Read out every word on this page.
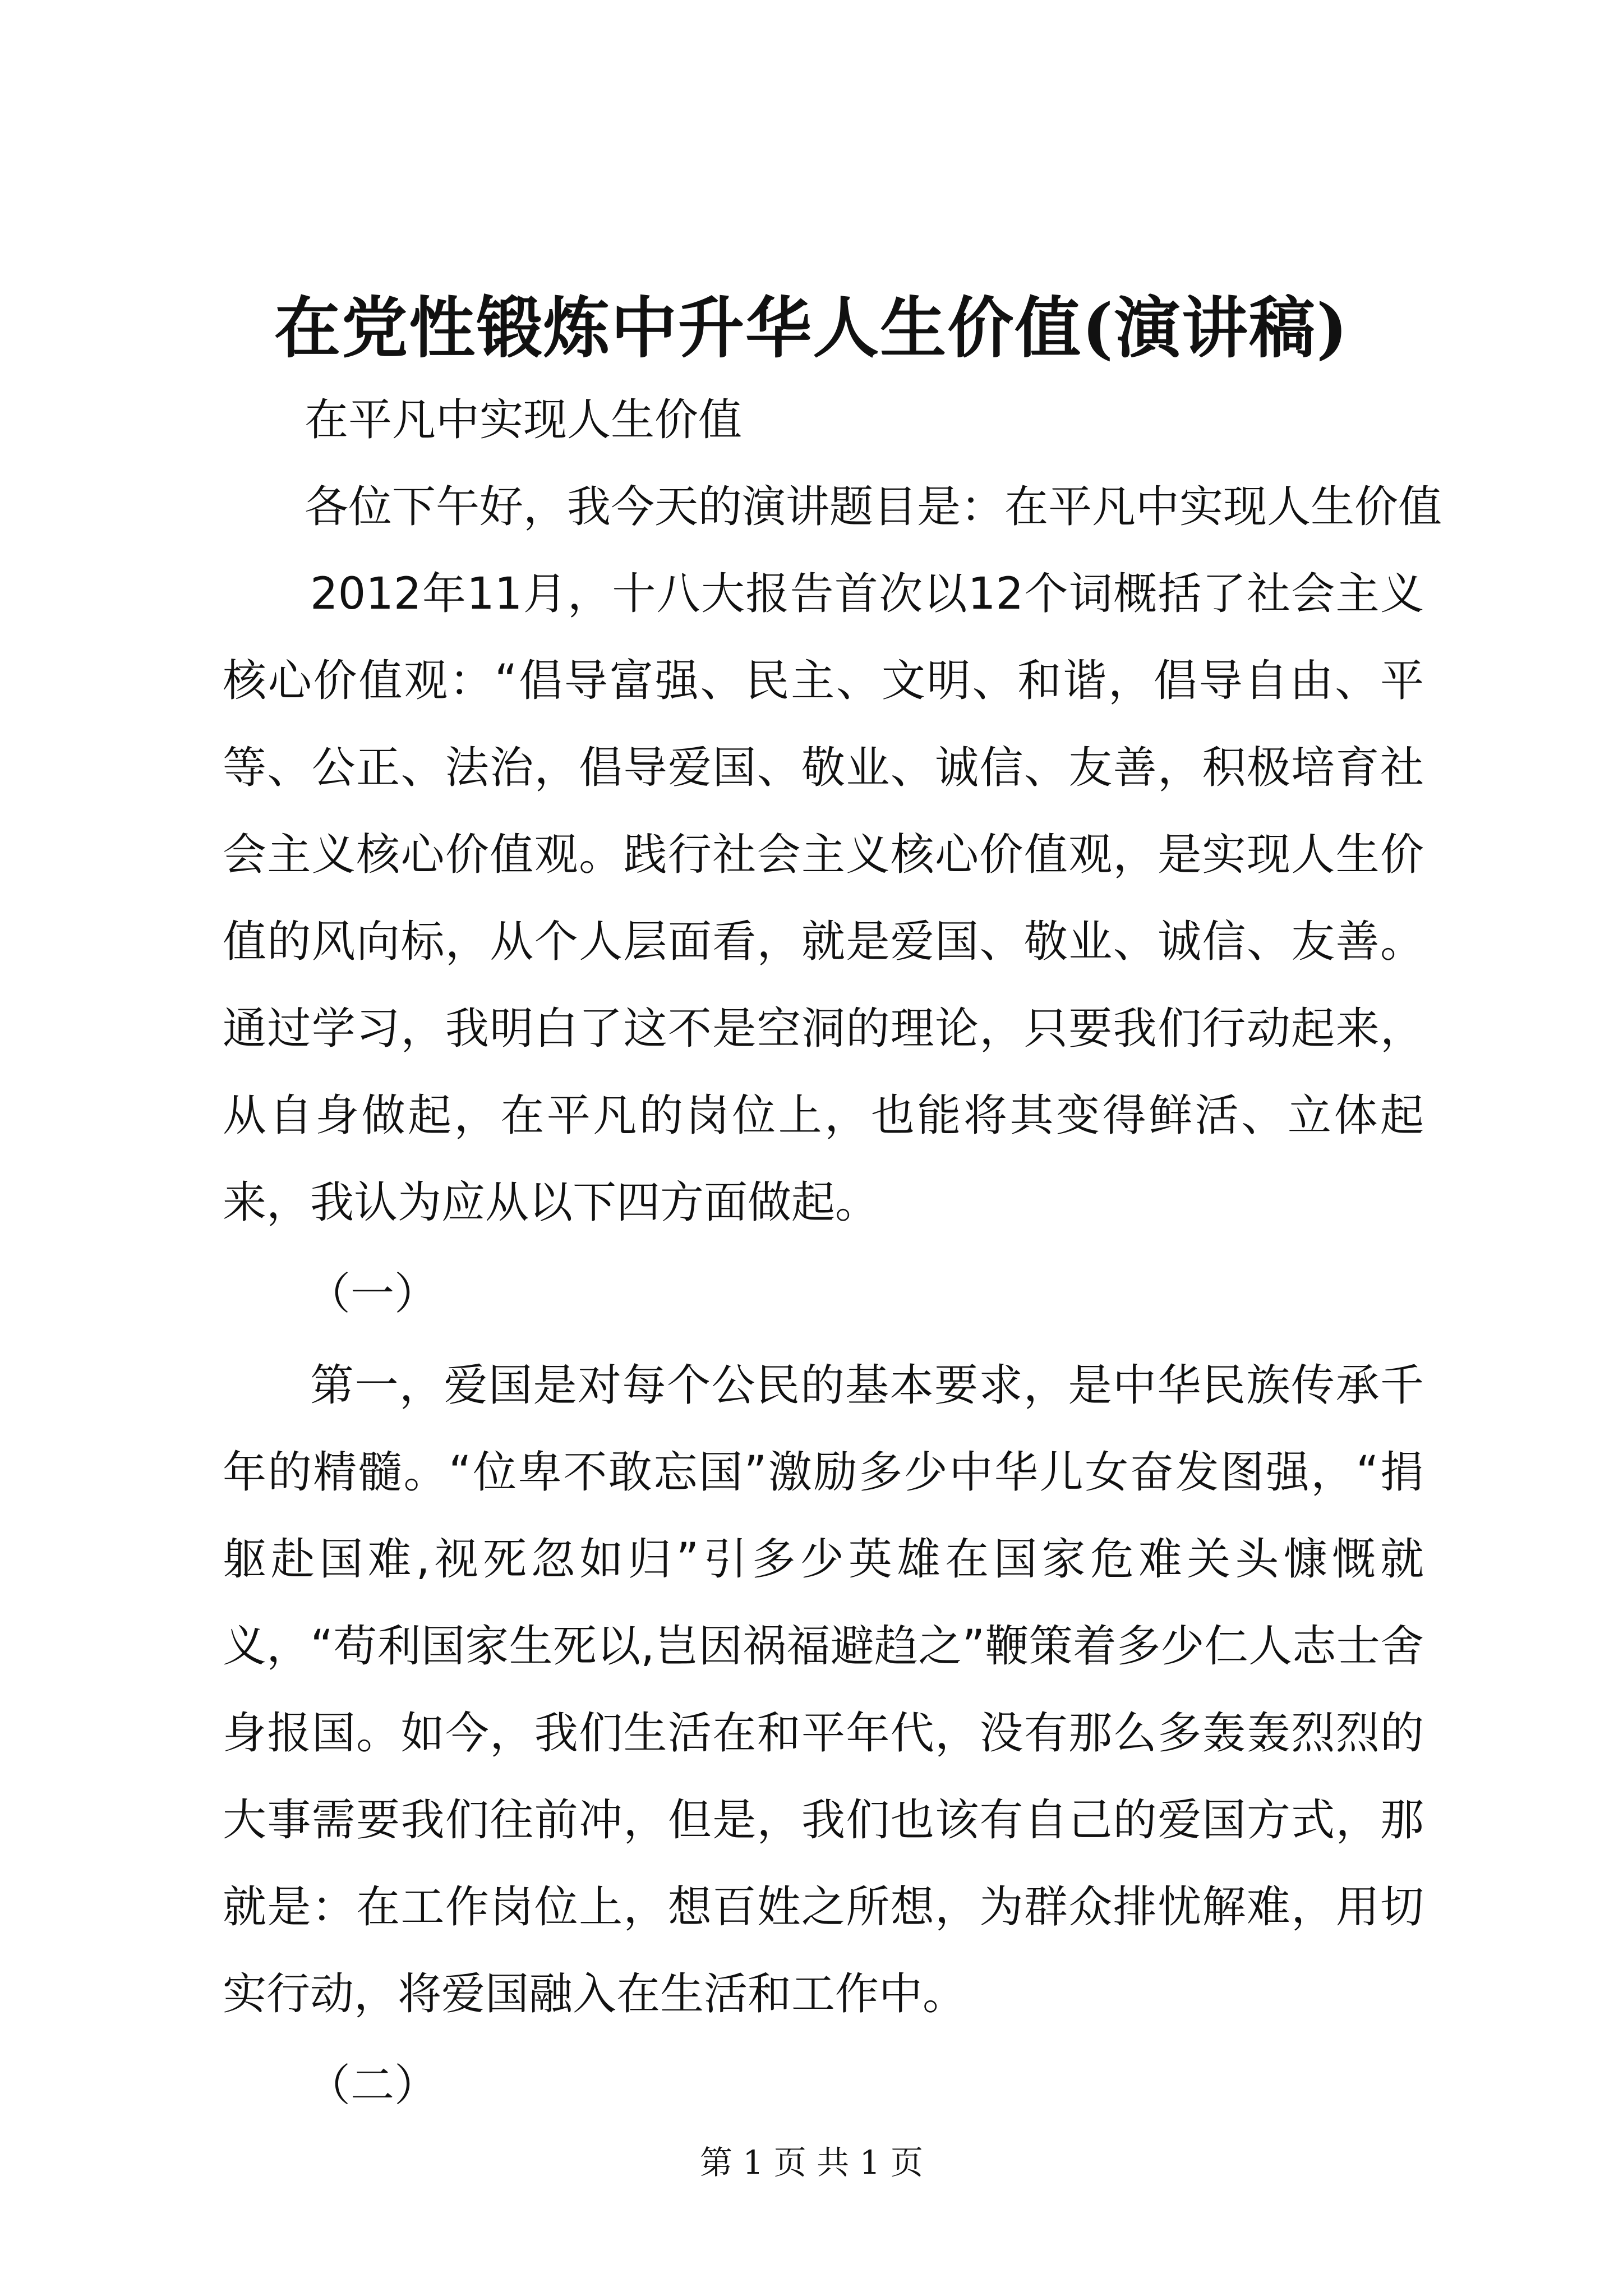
在党性锻炼中升华人生价值(演讲稿)

在平凡中实现人生价值

各位下午好，我今天的演讲题目是：在平凡中实现人生价值

2012年11月，十八大报告首次以12个词概括了社会主义核心价值观：“倡导富强、民主、文明、和谐，倡导自由、平等、公正、法治，倡导爱国、敬业、诚信、友善，积极培育社会主义核心价值观。践行社会主义核心价值观，是实现人生价值的风向标，从个人层面看，就是爱国、敬业、诚信、友善。通过学习，我明白了这不是空洞的理论，只要我们行动起来，从自身做起，在平凡的岗位上，也能将其变得鲜活、立体起来，我认为应从以下四方面做起。

（一）

第一，爱国是对每个公民的基本要求，是中华民族传承千年的精髓。“位卑不敢忘国”激励多少中华儿女奋发图强，“捐躯赴国难,视死忽如归”引多少英雄在国家危难关头慷慨就义，“苟利国家生死以,岂因祸福避趋之”鞭策着多少仁人志士舍身报国。如今，我们生活在和平年代，没有那么多轰轰烈烈的大事需要我们往前冲，但是，我们也该有自己的爱国方式，那就是：在工作岗位上，想百姓之所想，为群众排忧解难，用切实行动，将爱国融入在生活和工作中。

（二）

第 1 页 共 1 页
